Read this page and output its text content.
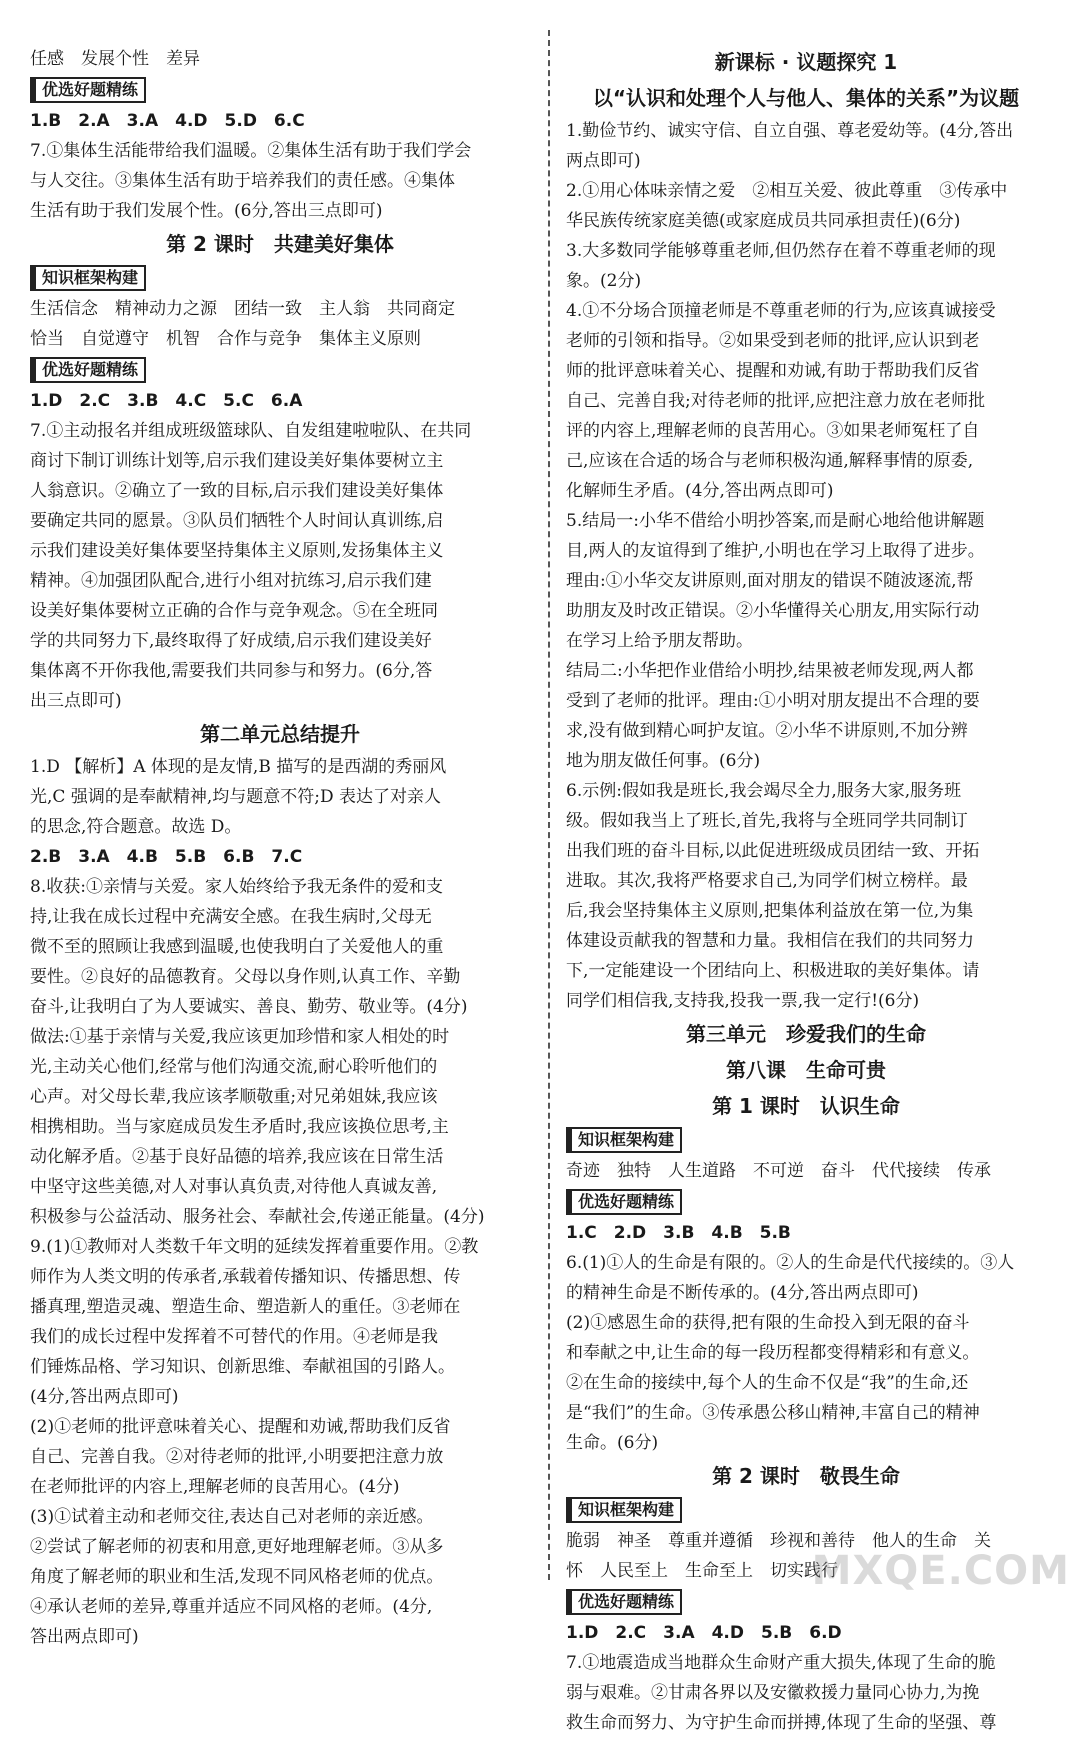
任感　发展个性　差异
优选好题精练
1.B　2.A　3.A　4.D　5.D　6.C
7.①集体生活能带给我们温暖。②集体生活有助于我们学会
与人交往。③集体生活有助于培养我们的责任感。④集体
生活有助于我们发展个性。(6分,答出三点即可)
第 2 课时　共建美好集体
知识框架构建
生活信念　精神动力之源　团结一致　主人翁　共同商定
恰当　自觉遵守　机智　合作与竞争　集体主义原则
优选好题精练
1.D　2.C　3.B　4.C　5.C　6.A
7.①主动报名并组成班级篮球队、自发组建啦啦队、在共同
商讨下制订训练计划等,启示我们建设美好集体要树立主
人翁意识。②确立了一致的目标,启示我们建设美好集体
要确定共同的愿景。③队员们牺牲个人时间认真训练,启
示我们建设美好集体要坚持集体主义原则,发扬集体主义
精神。④加强团队配合,进行小组对抗练习,启示我们建
设美好集体要树立正确的合作与竞争观念。⑤在全班同
学的共同努力下,最终取得了好成绩,启示我们建设美好
集体离不开你我他,需要我们共同参与和努力。(6分,答
出三点即可)
第二单元总结提升
1.D 【解析】A 体现的是友情,B 描写的是西湖的秀丽风
光,C 强调的是奉献精神,均与题意不符;D 表达了对亲人
的思念,符合题意。故选 D。
2.B　3.A　4.B　5.B　6.B　7.C
8.收获:①亲情与关爱。家人始终给予我无条件的爱和支
持,让我在成长过程中充满安全感。在我生病时,父母无
微不至的照顾让我感到温暖,也使我明白了关爱他人的重
要性。②良好的品德教育。父母以身作则,认真工作、辛勤
奋斗,让我明白了为人要诚实、善良、勤劳、敬业等。(4分)
做法:①基于亲情与关爱,我应该更加珍惜和家人相处的时
光,主动关心他们,经常与他们沟通交流,耐心聆听他们的
心声。对父母长辈,我应该孝顺敬重;对兄弟姐妹,我应该
相携相助。当与家庭成员发生矛盾时,我应该换位思考,主
动化解矛盾。②基于良好品德的培养,我应该在日常生活
中坚守这些美德,对人对事认真负责,对待他人真诚友善,
积极参与公益活动、服务社会、奉献社会,传递正能量。(4分)
9.(1)①教师对人类数千年文明的延续发挥着重要作用。②教
师作为人类文明的传承者,承载着传播知识、传播思想、传
播真理,塑造灵魂、塑造生命、塑造新人的重任。③老师在
我们的成长过程中发挥着不可替代的作用。④老师是我
们锤炼品格、学习知识、创新思维、奉献祖国的引路人。
(4分,答出两点即可)
(2)①老师的批评意味着关心、提醒和劝诫,帮助我们反省
自己、完善自我。②对待老师的批评,小明要把注意力放
在老师批评的内容上,理解老师的良苦用心。(4分)
(3)①试着主动和老师交往,表达自己对老师的亲近感。
②尝试了解老师的初衷和用意,更好地理解老师。③从多
角度了解老师的职业和生活,发现不同风格老师的优点。
④承认老师的差异,尊重并适应不同风格的老师。(4分,
答出两点即可)
新课标 · 议题探究 1
以“认识和处理个人与他人、集体的关系”为议题
1.勤俭节约、诚实守信、自立自强、尊老爱幼等。(4分,答出
两点即可)
2.①用心体味亲情之爱　②相互关爱、彼此尊重　③传承中
华民族传统家庭美德(或家庭成员共同承担责任)(6分)
3.大多数同学能够尊重老师,但仍然存在着不尊重老师的现
象。(2分)
4.①不分场合顶撞老师是不尊重老师的行为,应该真诚接受
老师的引领和指导。②如果受到老师的批评,应认识到老
师的批评意味着关心、提醒和劝诫,有助于帮助我们反省
自己、完善自我;对待老师的批评,应把注意力放在老师批
评的内容上,理解老师的良苦用心。③如果老师冤枉了自
己,应该在合适的场合与老师积极沟通,解释事情的原委,
化解师生矛盾。(4分,答出两点即可)
5.结局一:小华不借给小明抄答案,而是耐心地给他讲解题
目,两人的友谊得到了维护,小明也在学习上取得了进步。
理由:①小华交友讲原则,面对朋友的错误不随波逐流,帮
助朋友及时改正错误。②小华懂得关心朋友,用实际行动
在学习上给予朋友帮助。
结局二:小华把作业借给小明抄,结果被老师发现,两人都
受到了老师的批评。理由:①小明对朋友提出不合理的要
求,没有做到精心呵护友谊。②小华不讲原则,不加分辨
地为朋友做任何事。(6分)
6.示例:假如我是班长,我会竭尽全力,服务大家,服务班
级。假如我当上了班长,首先,我将与全班同学共同制订
出我们班的奋斗目标,以此促进班级成员团结一致、开拓
进取。其次,我将严格要求自己,为同学们树立榜样。最
后,我会坚持集体主义原则,把集体利益放在第一位,为集
体建设贡献我的智慧和力量。我相信在我们的共同努力
下,一定能建设一个团结向上、积极进取的美好集体。请
同学们相信我,支持我,投我一票,我一定行!(6分)
第三单元　珍爱我们的生命
第八课　生命可贵
第 1 课时　认识生命
知识框架构建
奇迹　独特　人生道路　不可逆　奋斗　代代接续　传承
优选好题精练
1.C　2.D　3.B　4.B　5.B
6.(1)①人的生命是有限的。②人的生命是代代接续的。③人
的精神生命是不断传承的。(4分,答出两点即可)
(2)①感恩生命的获得,把有限的生命投入到无限的奋斗
和奉献之中,让生命的每一段历程都变得精彩和有意义。
②在生命的接续中,每个人的生命不仅是“我”的生命,还
是“我们”的生命。③传承愚公移山精神,丰富自己的精神
生命。(6分)
第 2 课时　敬畏生命
知识框架构建
脆弱　神圣　尊重并遵循　珍视和善待　他人的生命　关
怀　人民至上　生命至上　切实践行
优选好题精练
1.D　2.C　3.A　4.D　5.B　6.D
7.①地震造成当地群众生命财产重大损失,体现了生命的脆
弱与艰难。②甘肃各界以及安徽救援力量同心协力,为挽
救生命而努力、为守护生命而拼搏,体现了生命的坚强、尊
MXQE.COM
